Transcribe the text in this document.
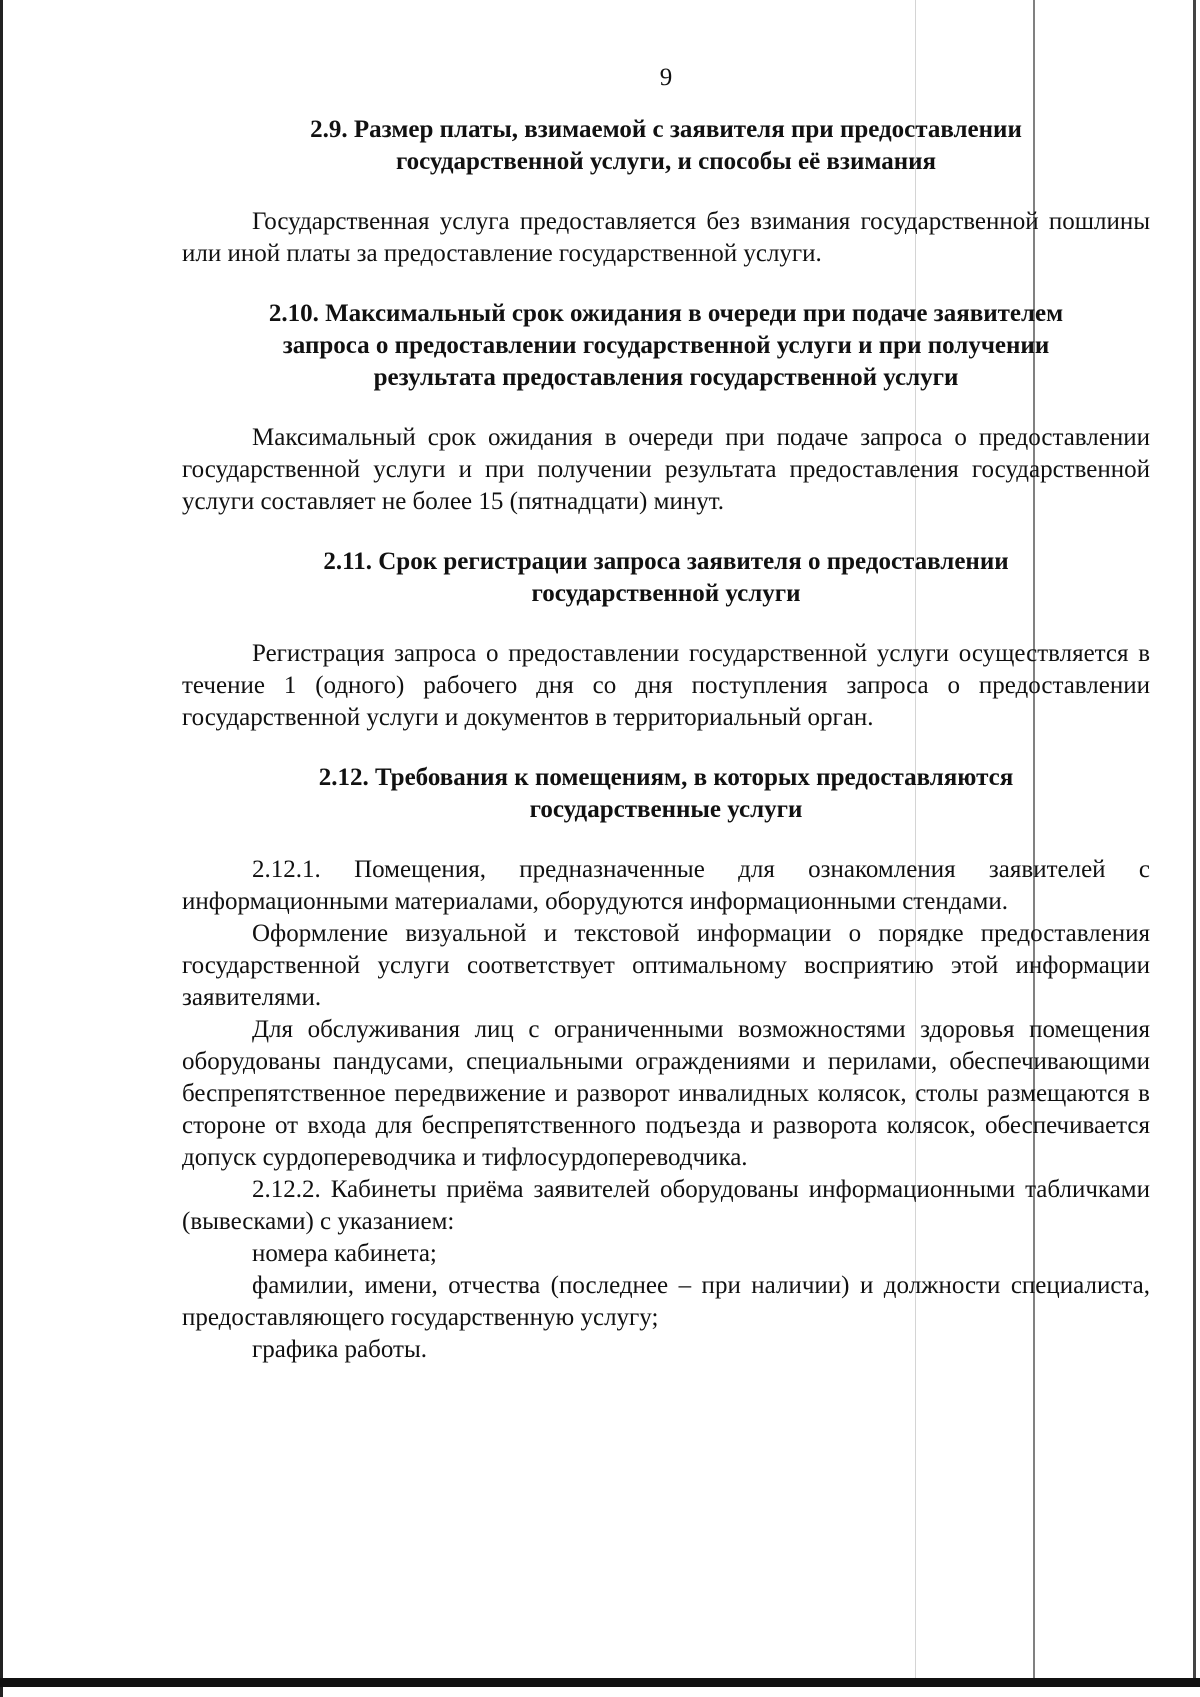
9
2.9. Размер платы, взимаемой с заявителя при предоставлении
государственной услуги, и способы её взимания

Государственная услуга предоставляется без взимания государственной пошлины или иной платы за предоставление государственной услуги.

2.10. Максимальный срок ожидания в очереди при подаче заявителем
запроса о предоставлении государственной услуги и при получении
результата предоставления государственной услуги

Максимальный срок ожидания в очереди при подаче запроса о предоставлении государственной услуги и при получении результата предоставления государственной услуги составляет не более 15 (пятнадцати) минут.

2.11. Срок регистрации запроса заявителя о предоставлении
государственной услуги

Регистрация запроса о предоставлении государственной услуги осуществляется в течение 1 (одного) рабочего дня со дня поступления запроса о предоставлении государственной услуги и документов в территориальный орган.

2.12. Требования к помещениям, в которых предоставляются
государственные услуги

2.12.1. Помещения, предназначенные для ознакомления заявителей с информационными материалами, оборудуются информационными стендами.

Оформление визуальной и текстовой информации о порядке предоставления государственной услуги соответствует оптимальному восприятию этой информации заявителями.

Для обслуживания лиц с ограниченными возможностями здоровья помещения оборудованы пандусами, специальными ограждениями и перилами, обеспечивающими беспрепятственное передвижение и разворот инвалидных колясок, столы размещаются в стороне от входа для беспрепятственного подъезда и разворота колясок, обеспечивается допуск сурдопереводчика и тифлосурдопереводчика.

2.12.2. Кабинеты приёма заявителей оборудованы информационными табличками (вывесками) с указанием:

номера кабинета;

фамилии, имени, отчества (последнее – при наличии) и должности специалиста, предоставляющего государственную услугу;

графика работы.
